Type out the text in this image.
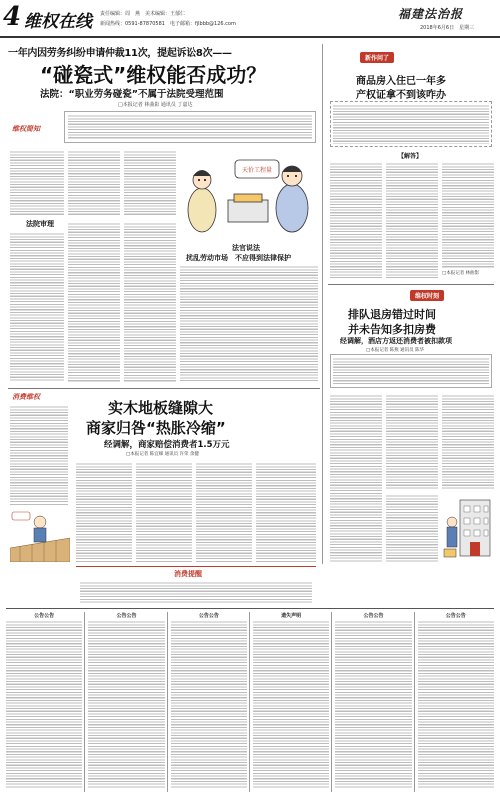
4 维权在线 责任编辑：周　燕　美术编辑：王郁仁
新闻热线：0591-87870581　电子邮箱：fjlbbb@126.com
福建法治报
2018年6月6日　星期三
一年内因劳务纠纷申请仲裁11次，提起诉讼8次——
“碰瓷式”维权能否成功？
法院：“职业劳务碰瓷”不属于法院受理范围
□本报记者 林曲影 通讯员 丁嘉达
维权简知
法院审理
天价工程量
法官说法
扰乱劳动市场　不应得到法律保护
新作问了
商品房入住已一年多
产权证拿不到该咋办
【解答】
□本报记者 林曲影
维权时刻
排队退房错过时间
并未告知多扣房费
经调解，酒店方返还消费者被扣款项
□本报记者 陈燕 通讯员 陈华
消费维权
实木地板缝隙大
商家归咎“热胀冷缩”
经调解，商家赔偿消费者1.5万元
□本报记者 陈宜娣 通讯员 许荣 余健
消费提醒
公告公告	公告公告	公告公告	遗失声明	公告公告	公告公告
